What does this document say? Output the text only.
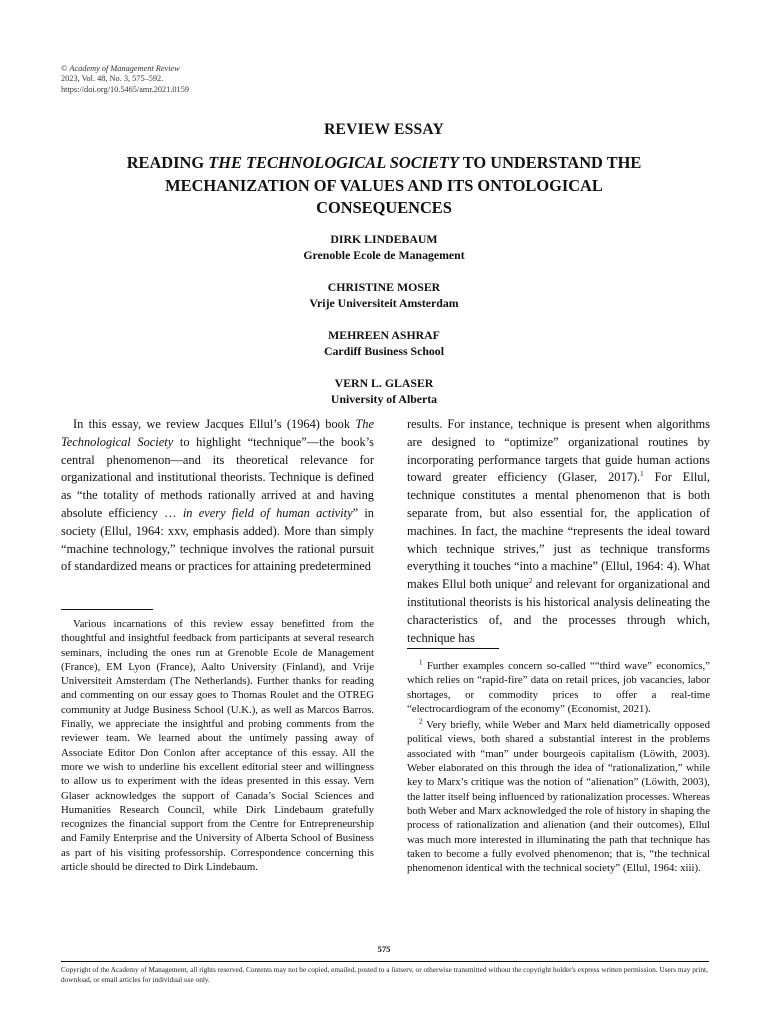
© Academy of Management Review
2023, Vol. 48, No. 3, 575–592.
https://doi.org/10.5465/amr.2021.0159
REVIEW ESSAY
READING THE TECHNOLOGICAL SOCIETY TO UNDERSTAND THE MECHANIZATION OF VALUES AND ITS ONTOLOGICAL CONSEQUENCES
DIRK LINDEBAUM
Grenoble Ecole de Management
CHRISTINE MOSER
Vrije Universiteit Amsterdam
MEHREEN ASHRAF
Cardiff Business School
VERN L. GLASER
University of Alberta

In this essay, we review Jacques Ellul’s (1964) book The Technological Society to highlight “technique”—the book’s central phenomenon—and its theoretical relevance for organizational and institutional theorists. Technique is defined as “the totality of methods rationally arrived at and having absolute efficiency … in every field of human activity” in society (Ellul, 1964: xxv, emphasis added). More than simply “machine technology,” technique involves the rational pursuit of standardized means or practices for attaining predetermined

results. For instance, technique is present when algorithms are designed to “optimize” organizational routines by incorporating performance targets that guide human actions toward greater efficiency (Glaser, 2017).$^1$ For Ellul, technique constitutes a mental phenomenon that is both separate from, but also essential for, the application of machines. In fact, the machine “represents the ideal toward which technique strives,” just as technique transforms everything it touches “into a machine” (Ellul, 1964: 4). What makes Ellul both unique$^2$ and relevant for organizational and institutional theorists is his historical analysis delineating the characteristics of, and the processes through which, technique has

Various incarnations of this review essay benefitted from the thoughtful and insightful feedback from participants at several research seminars, including the ones run at Grenoble Ecole de Management (France), EM Lyon (France), Aalto University (Finland), and Vrije Universiteit Amsterdam (The Netherlands). Further thanks for reading and commenting on our essay goes to Thomas Roulet and the OTREG community at Judge Business School (U.K.), as well as Marcos Barros. Finally, we appreciate the insightful and probing comments from the reviewer team. We learned about the untimely passing away of Associate Editor Don Conlon after acceptance of this essay. All the more we wish to underline his excellent editorial steer and willingness to allow us to experiment with the ideas presented in this essay. Vern Glaser acknowledges the support of Canada’s Social Sciences and Humanities Research Council, while Dirk Lindebaum gratefully recognizes the financial support from the Centre for Entrepreneurship and Family Enterprise and the University of Alberta School of Business as part of his visiting professorship. Correspondence concerning this article should be directed to Dirk Lindebaum.

$^1$ Further examples concern so-called ““third wave” economics,” which relies on “rapid-fire” data on retail prices, job vacancies, labor shortages, or commodity prices to offer a real-time “electrocardiogram of the economy” (Economist, 2021).

$^2$ Very briefly, while Weber and Marx held diametrically opposed political views, both shared a substantial interest in the problems associated with “man” under bourgeois capitalism (Löwith, 2003). Weber elaborated on this through the idea of “rationalization,” while key to Marx’s critique was the notion of “alienation” (Löwith, 2003), the latter itself being influenced by rationalization processes. Whereas both Weber and Marx acknowledged the role of history in shaping the process of rationalization and alienation (and their outcomes), Ellul was much more interested in illuminating the path that technique has taken to become a fully evolved phenomenon; that is, “the technical phenomenon identical with the technical society” (Ellul, 1964: xiii).

575
Copyright of the Academy of Management, all rights reserved. Contents may not be copied, emailed, posted to a listserv, or otherwise transmitted without the copyright holder's express written permission. Users may print, download, or email articles for individual use only.
